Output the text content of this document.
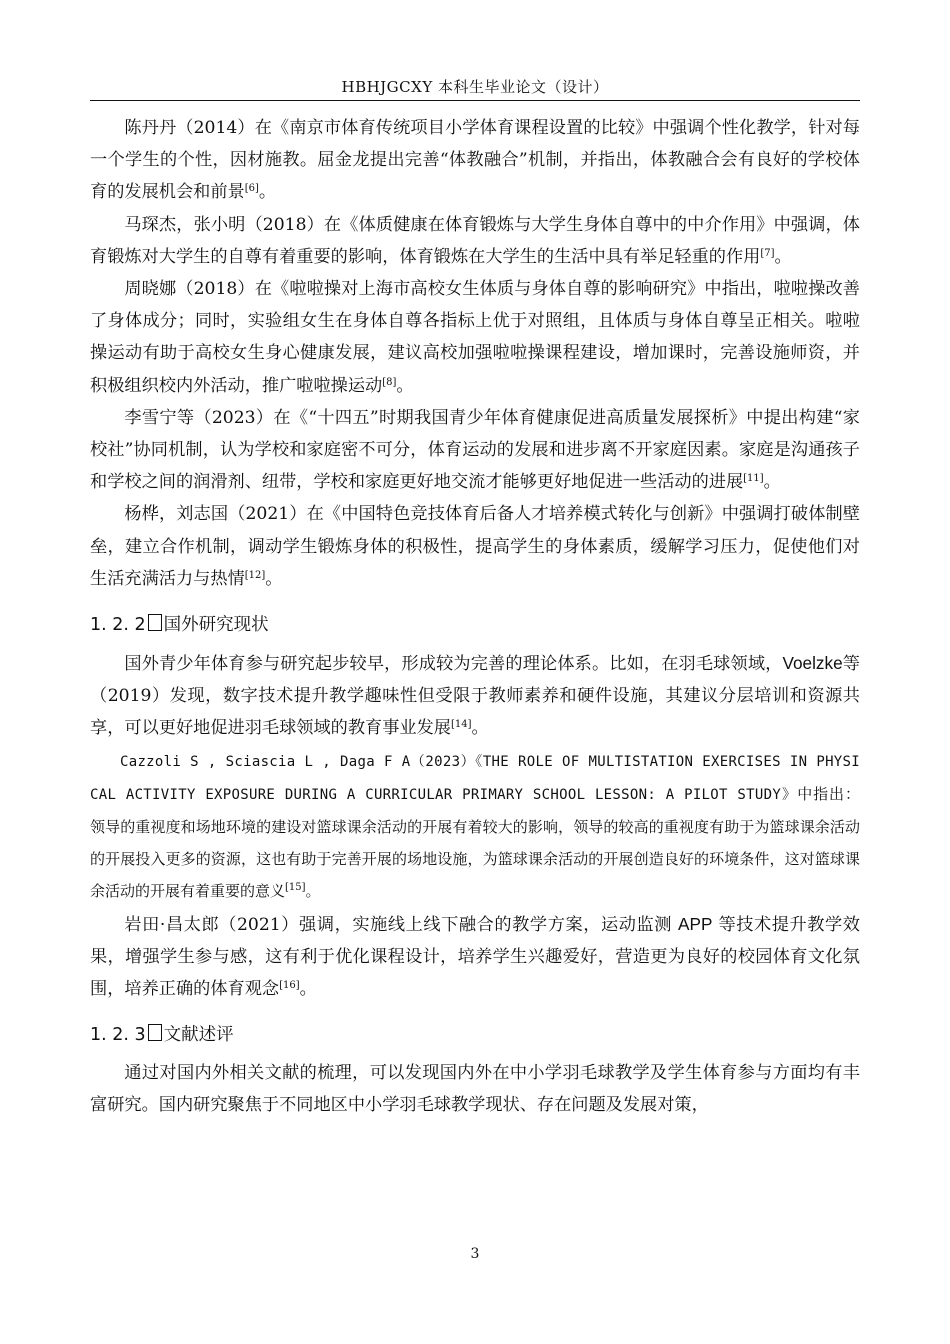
HBHJGCXY 本科生毕业论文（设计）

陈丹丹（2014）在《南京市体育传统项目小学体育课程设置的比较》中强调个性化教学，针对每一个学生的个性，因材施教。屈金龙提出完善“体教融合”机制，并指出，体教融合会有良好的学校体育的发展机会和前景[6]。

马琛杰，张小明（2018）在《体质健康在体育锻炼与大学生身体自尊中的中介作用》中强调，体育锻炼对大学生的自尊有着重要的影响，体育锻炼在大学生的生活中具有举足轻重的作用[7]。

周晓娜（2018）在《啦啦操对上海市高校女生体质与身体自尊的影响研究》中指出，啦啦操改善了身体成分；同时，实验组女生在身体自尊各指标上优于对照组，且体质与身体自尊呈正相关。啦啦操运动有助于高校女生身心健康发展，建议高校加强啦啦操课程建设，增加课时，完善设施师资，并积极组织校内外活动，推广啦啦操运动[8]。

李雪宁等（2023）在《“十四五”时期我国青少年体育健康促进高质量发展探析》中提出构建“家校社”协同机制，认为学校和家庭密不可分，体育运动的发展和进步离不开家庭因素。家庭是沟通孩子和学校之间的润滑剂、纽带，学校和家庭更好地交流才能够更好地促进一些活动的进展[11]。

杨桦，刘志国（2021）在《中国特色竞技体育后备人才培养模式转化与创新》中强调打破体制壁垒，建立合作机制，调动学生锻炼身体的积极性，提高学生的身体素质，缓解学习压力，促使他们对生活充满活力与热情[12]。

1. 2. 2 国外研究现状

国外青少年体育参与研究起步较早，形成较为完善的理论体系。比如，在羽毛球领域，Voelzke等（2019）发现，数字技术提升教学趣味性但受限于教师素养和硬件设施，其建议分层培训和资源共享，可以更好地促进羽毛球领域的教育事业发展[14]。

Cazzoli S , Sciascia L , Daga F A（2023）《THE ROLE OF MULTISTATION EXERCISES IN PHYSICAL ACTIVITY EXPOSURE DURING A CURRICULAR PRIMARY SCHOOL LESSON: A PILOT STUDY》中指出：领导的重视度和场地环境的建设对篮球课余活动的开展有着较大的影响，领导的较高的重视度有助于为篮球课余活动的开展投入更多的资源，这也有助于完善开展的场地设施，为篮球课余活动的开展创造良好的环境条件，这对篮球课余活动的开展有着重要的意义[15]。

岩田·昌太郎（2021）强调，实施线上线下融合的教学方案，运动监测 APP 等技术提升教学效果，增强学生参与感，这有利于优化课程设计，培养学生兴趣爱好，营造更为良好的校园体育文化氛围，培养正确的体育观念[16]。

1. 2. 3 文献述评

通过对国内外相关文献的梳理，可以发现国内外在中小学羽毛球教学及学生体育参与方面均有丰富研究。国内研究聚焦于不同地区中小学羽毛球教学现状、存在问题及发展对策，

3
